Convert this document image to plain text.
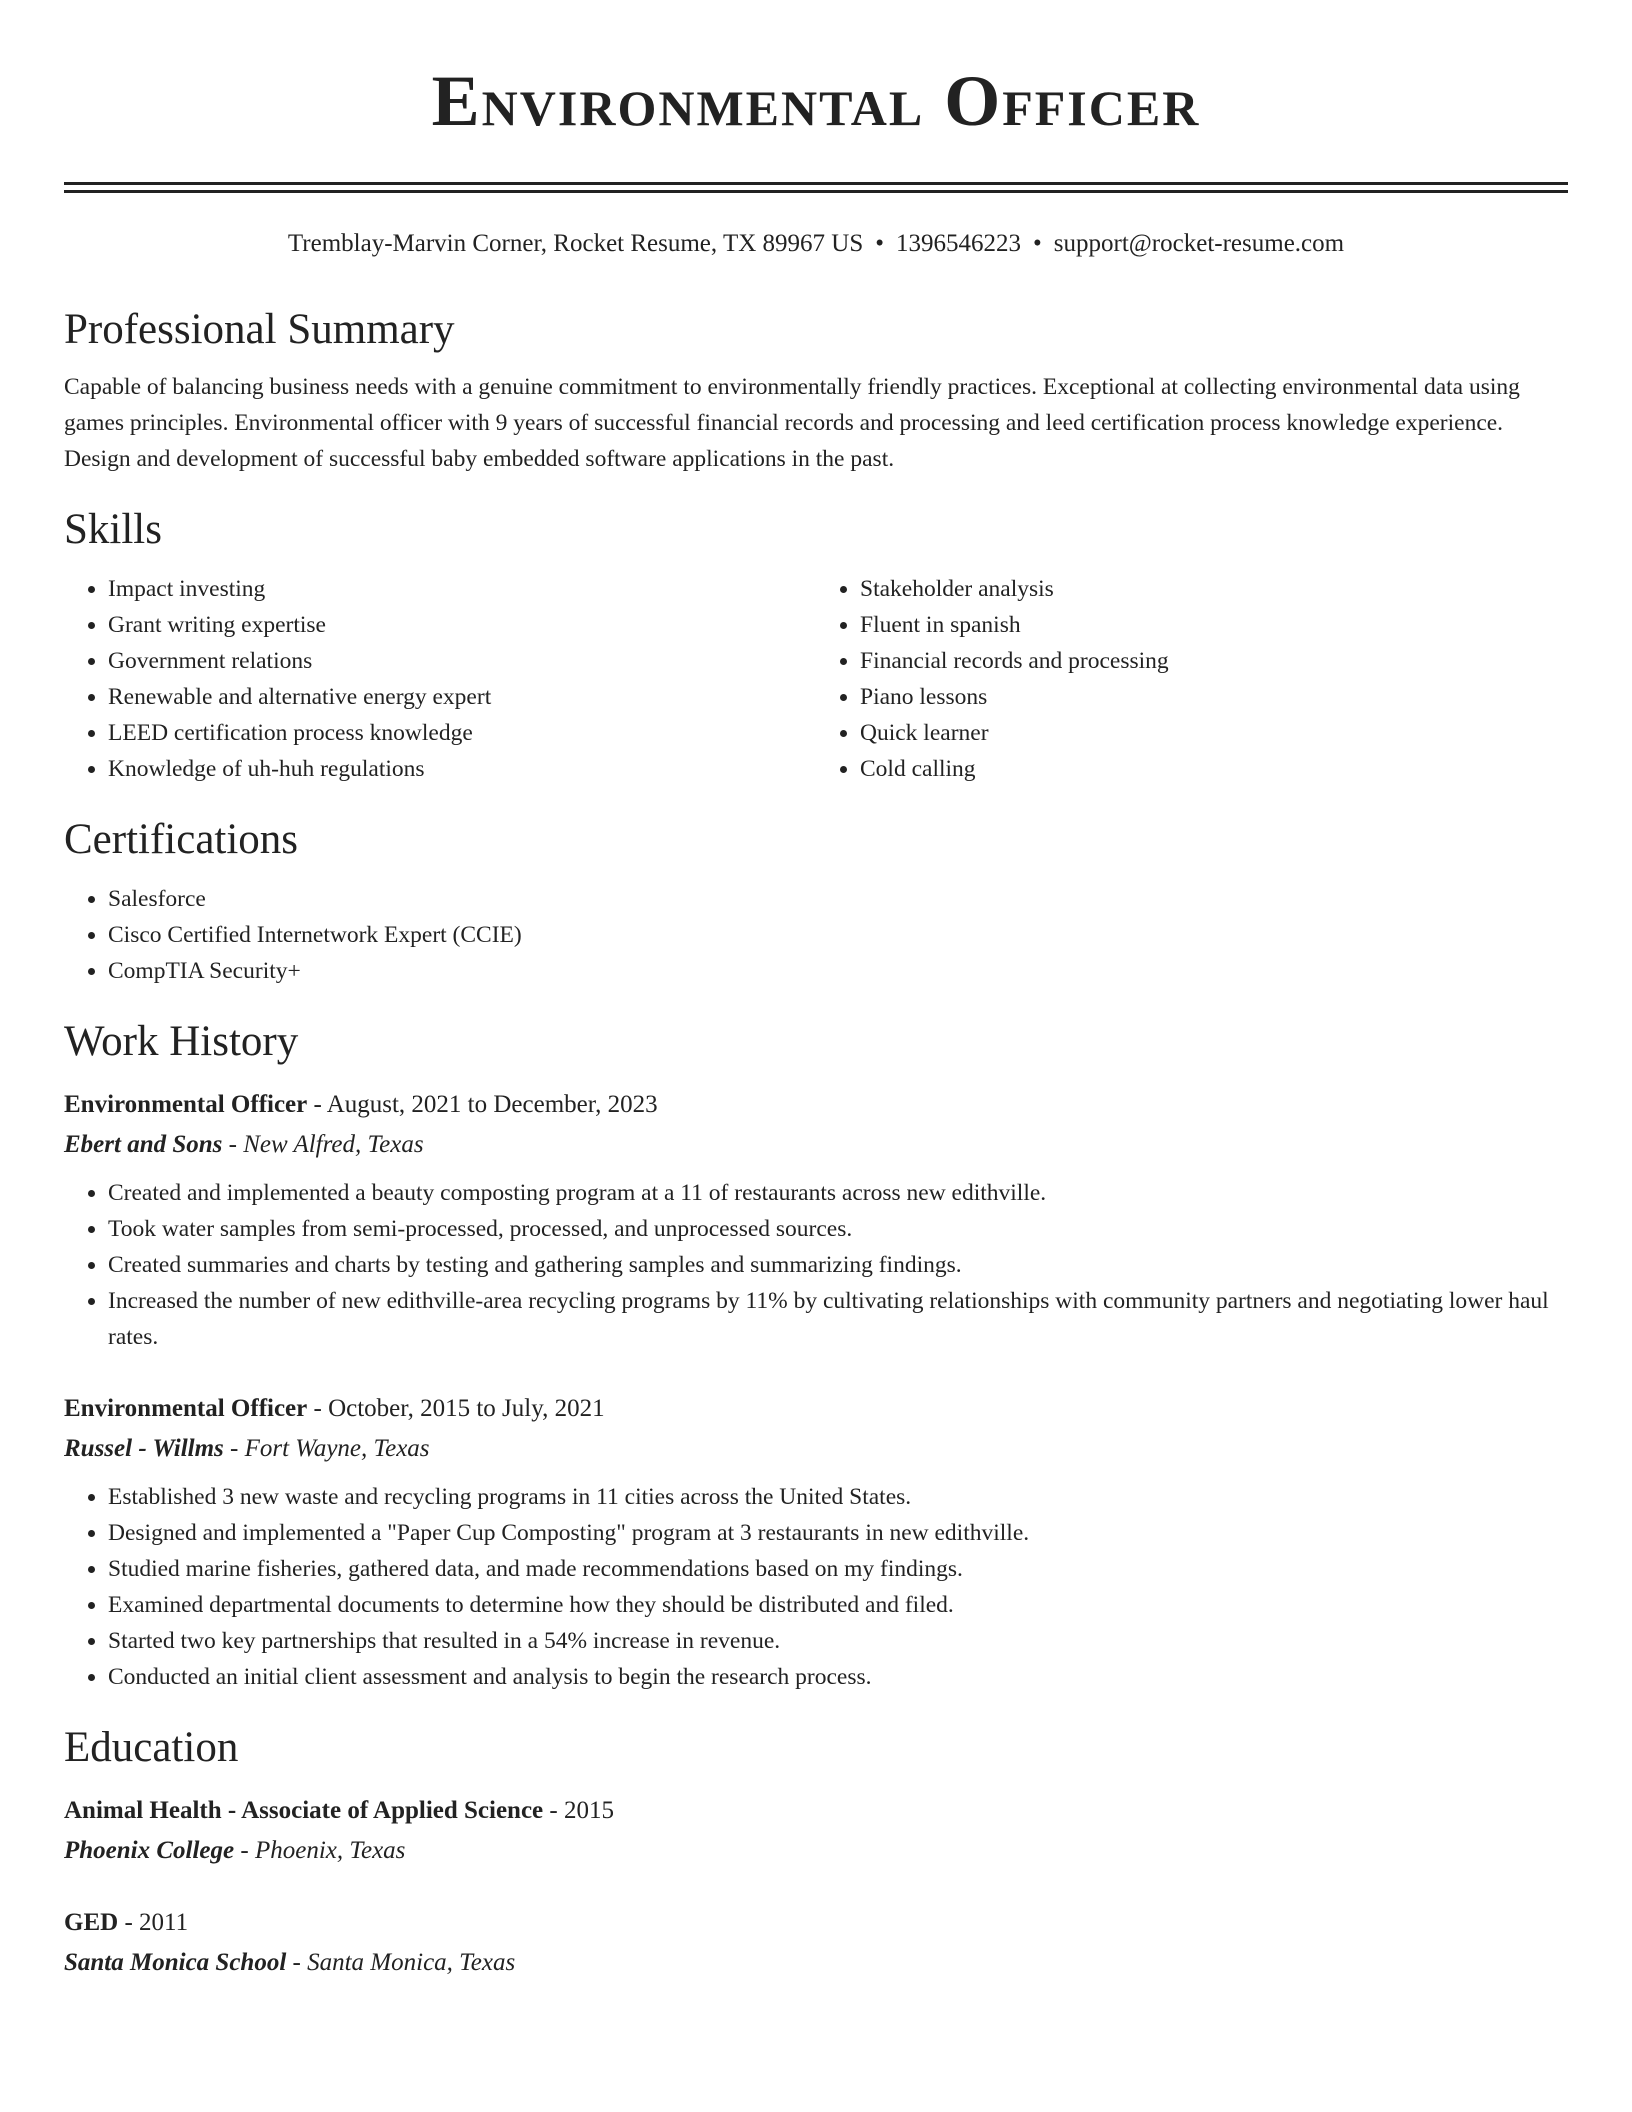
Environmental Officer
Tremblay-Marvin Corner, Rocket Resume, TX 89967 US • 1396546223 • support@rocket-resume.com
Professional Summary
Capable of balancing business needs with a genuine commitment to environmentally friendly practices. Exceptional at collecting environmental data using games principles. Environmental officer with 9 years of successful financial records and processing and leed certification process knowledge experience. Design and development of successful baby embedded software applications in the past.
Skills
• Impact investing
• Grant writing expertise
• Government relations
• Renewable and alternative energy expert
• LEED certification process knowledge
• Knowledge of uh-huh regulations
• Stakeholder analysis
• Fluent in spanish
• Financial records and processing
• Piano lessons
• Quick learner
• Cold calling
Certifications
• Salesforce
• Cisco Certified Internetwork Expert (CCIE)
• CompTIA Security+
Work History
Environmental Officer - August, 2021 to December, 2023
Ebert and Sons - New Alfred, Texas
• Created and implemented a beauty composting program at a 11 of restaurants across new edithville.
• Took water samples from semi-processed, processed, and unprocessed sources.
• Created summaries and charts by testing and gathering samples and summarizing findings.
• Increased the number of new edithville-area recycling programs by 11% by cultivating relationships with community partners and negotiating lower haul rates.
Environmental Officer - October, 2015 to July, 2021
Russel - Willms - Fort Wayne, Texas
• Established 3 new waste and recycling programs in 11 cities across the United States.
• Designed and implemented a "Paper Cup Composting" program at 3 restaurants in new edithville.
• Studied marine fisheries, gathered data, and made recommendations based on my findings.
• Examined departmental documents to determine how they should be distributed and filed.
• Started two key partnerships that resulted in a 54% increase in revenue.
• Conducted an initial client assessment and analysis to begin the research process.
Education
Animal Health - Associate of Applied Science - 2015
Phoenix College - Phoenix, Texas
GED - 2011
Santa Monica School - Santa Monica, Texas
